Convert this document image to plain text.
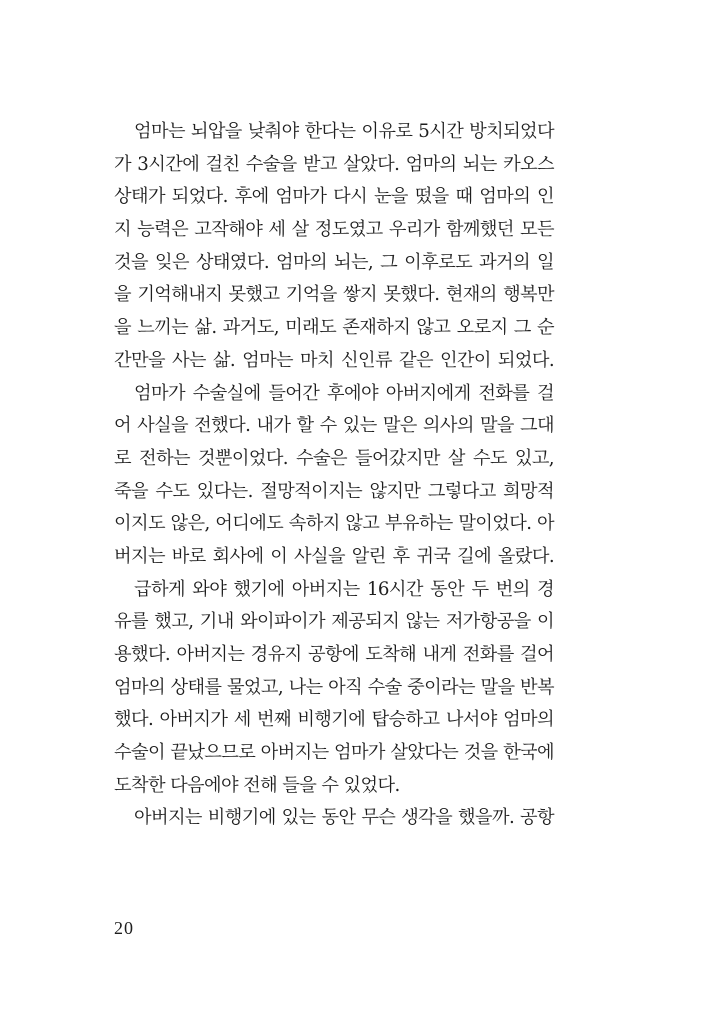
엄마는 뇌압을 낮춰야 한다는 이유로 5시간 방치되었다
가 3시간에 걸친 수술을 받고 살았다. 엄마의 뇌는 카오스
상태가 되었다. 후에 엄마가 다시 눈을 떴을 때 엄마의 인
지 능력은 고작해야 세 살 정도였고 우리가 함께했던 모든
것을 잊은 상태였다. 엄마의 뇌는, 그 이후로도 과거의 일
을 기억해내지 못했고 기억을 쌓지 못했다. 현재의 행복만
을 느끼는 삶. 과거도, 미래도 존재하지 않고 오로지 그 순
간만을 사는 삶. 엄마는 마치 신인류 같은 인간이 되었다.
엄마가 수술실에 들어간 후에야 아버지에게 전화를 걸
어 사실을 전했다. 내가 할 수 있는 말은 의사의 말을 그대
로 전하는 것뿐이었다. 수술은 들어갔지만 살 수도 있고,
죽을 수도 있다는. 절망적이지는 않지만 그렇다고 희망적
이지도 않은, 어디에도 속하지 않고 부유하는 말이었다. 아
버지는 바로 회사에 이 사실을 알린 후 귀국 길에 올랐다.
급하게 와야 했기에 아버지는 16시간 동안 두 번의 경
유를 했고, 기내 와이파이가 제공되지 않는 저가항공을 이
용했다. 아버지는 경유지 공항에 도착해 내게 전화를 걸어
엄마의 상태를 물었고, 나는 아직 수술 중이라는 말을 반복
했다. 아버지가 세 번째 비행기에 탑승하고 나서야 엄마의
수술이 끝났으므로 아버지는 엄마가 살았다는 것을 한국에
도착한 다음에야 전해 들을 수 있었다.
아버지는 비행기에 있는 동안 무슨 생각을 했을까. 공항
20
